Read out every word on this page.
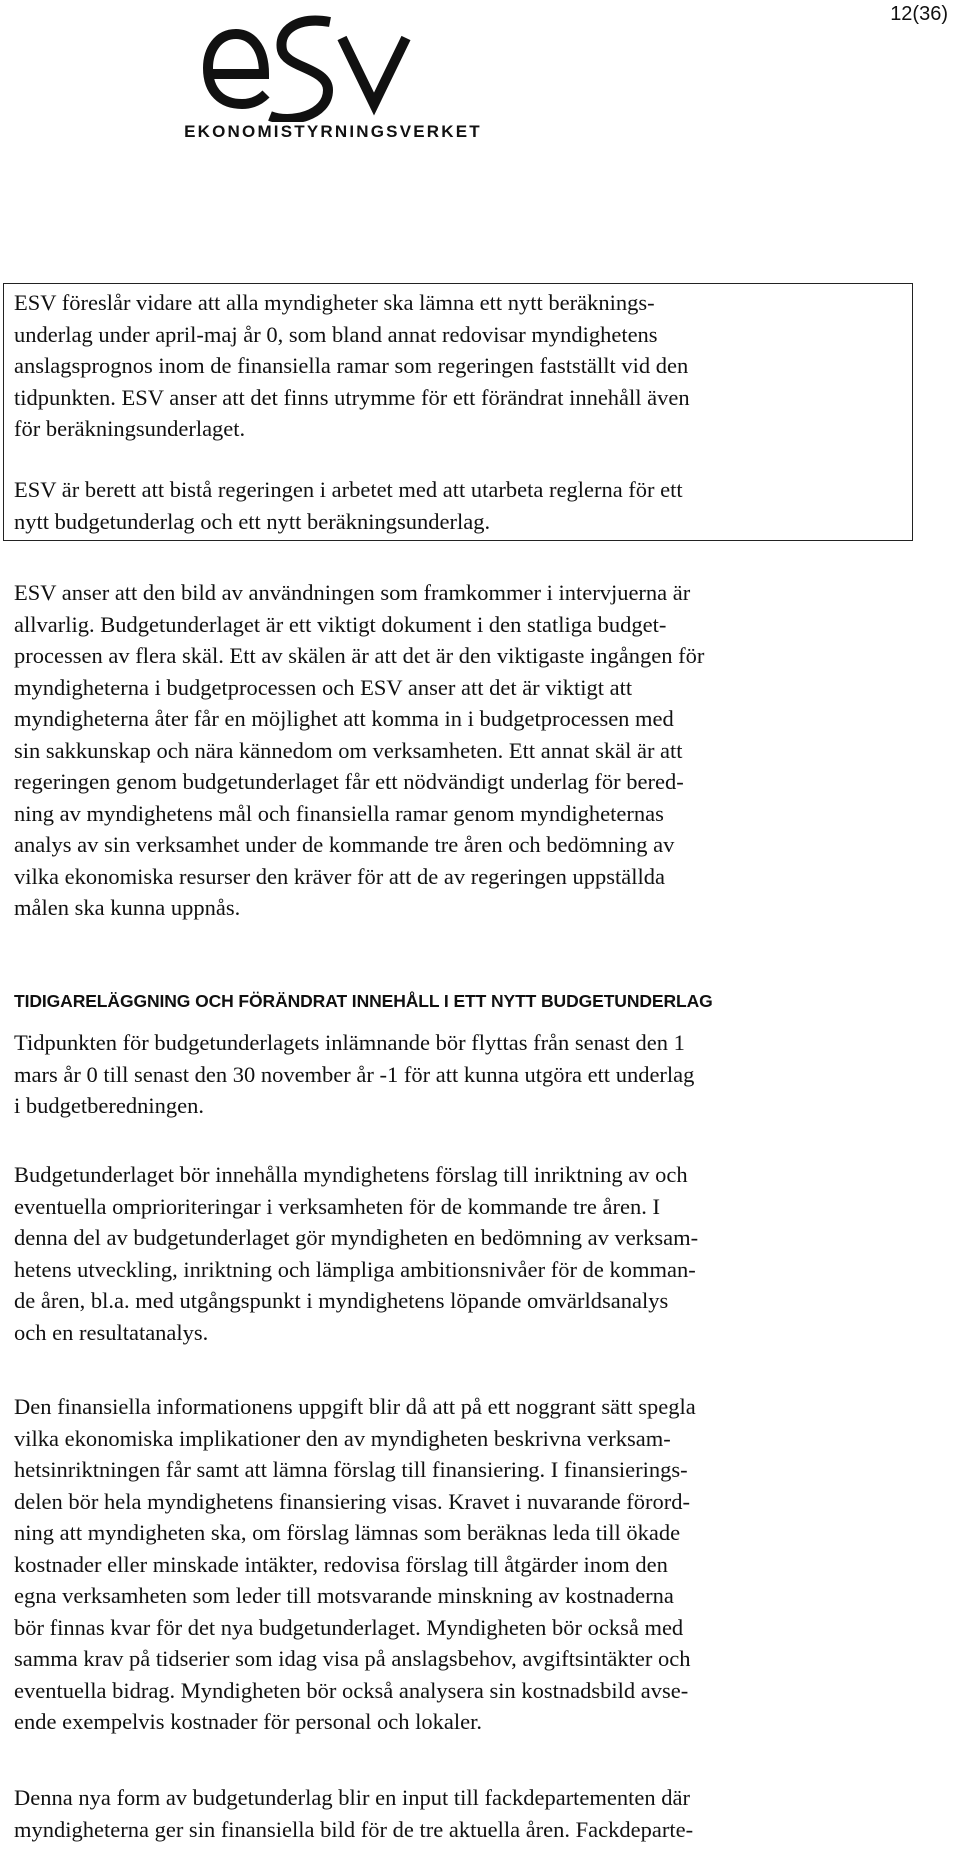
12(36)
EKONOMISTYRNINGSVERKET
ESV föreslår vidare att alla myndigheter ska lämna ett nytt beräknings-
underlag under april-maj år 0, som bland annat redovisar myndighetens
anslagsprognos inom de finansiella ramar som regeringen fastställt vid den
tidpunkten. ESV anser att det finns utrymme för ett förändrat innehåll även
för beräkningsunderlaget.
ESV är berett att bistå regeringen i arbetet med att utarbeta reglerna för ett
nytt budgetunderlag och ett nytt beräkningsunderlag.
ESV anser att den bild av användningen som framkommer i intervjuerna är
allvarlig. Budgetunderlaget är ett viktigt dokument i den statliga budget-
processen av flera skäl. Ett av skälen är att det är den viktigaste ingången för
myndigheterna i budgetprocessen och ESV anser att det är viktigt att
myndigheterna åter får en möjlighet att komma in i budgetprocessen med
sin sakkunskap och nära kännedom om verksamheten. Ett annat skäl är att
regeringen genom budgetunderlaget får ett nödvändigt underlag för bered-
ning av myndighetens mål och finansiella ramar genom myndigheternas
analys av sin verksamhet under de kommande tre åren och bedömning av
vilka ekonomiska resurser den kräver för att de av regeringen uppställda
målen ska kunna uppnås.
TIDIGARELÄGGNING OCH FÖRÄNDRAT INNEHÅLL I ETT NYTT BUDGETUNDERLAG
Tidpunkten för budgetunderlagets inlämnande bör flyttas från senast den 1
mars år 0 till senast den 30 november år -1 för att kunna utgöra ett underlag
i budgetberedningen.
Budgetunderlaget bör innehålla myndighetens förslag till inriktning av och
eventuella omprioriteringar i verksamheten för de kommande tre åren. I
denna del av budgetunderlaget gör myndigheten en bedömning av verksam-
hetens utveckling, inriktning och lämpliga ambitionsnivåer för de komman-
de åren, bl.a. med utgångspunkt i myndighetens löpande omvärldsanalys
och en resultatanalys.
Den finansiella informationens uppgift blir då att på ett noggrant sätt spegla
vilka ekonomiska implikationer den av myndigheten beskrivna verksam-
hetsinriktningen får samt att lämna förslag till finansiering. I finansierings-
delen bör hela myndighetens finansiering visas. Kravet i nuvarande förord-
ning att myndigheten ska, om förslag lämnas som beräknas leda till ökade
kostnader eller minskade intäkter, redovisa förslag till åtgärder inom den
egna verksamheten som leder till motsvarande minskning av kostnaderna
bör finnas kvar för det nya budgetunderlaget. Myndigheten bör också med
samma krav på tidserier som idag visa på anslagsbehov, avgiftsintäkter och
eventuella bidrag. Myndigheten bör också analysera sin kostnadsbild avse-
ende exempelvis kostnader för personal och lokaler.
Denna nya form av budgetunderlag blir en input till fackdepartementen där
myndigheterna ger sin finansiella bild för de tre aktuella åren. Fackdeparte-
